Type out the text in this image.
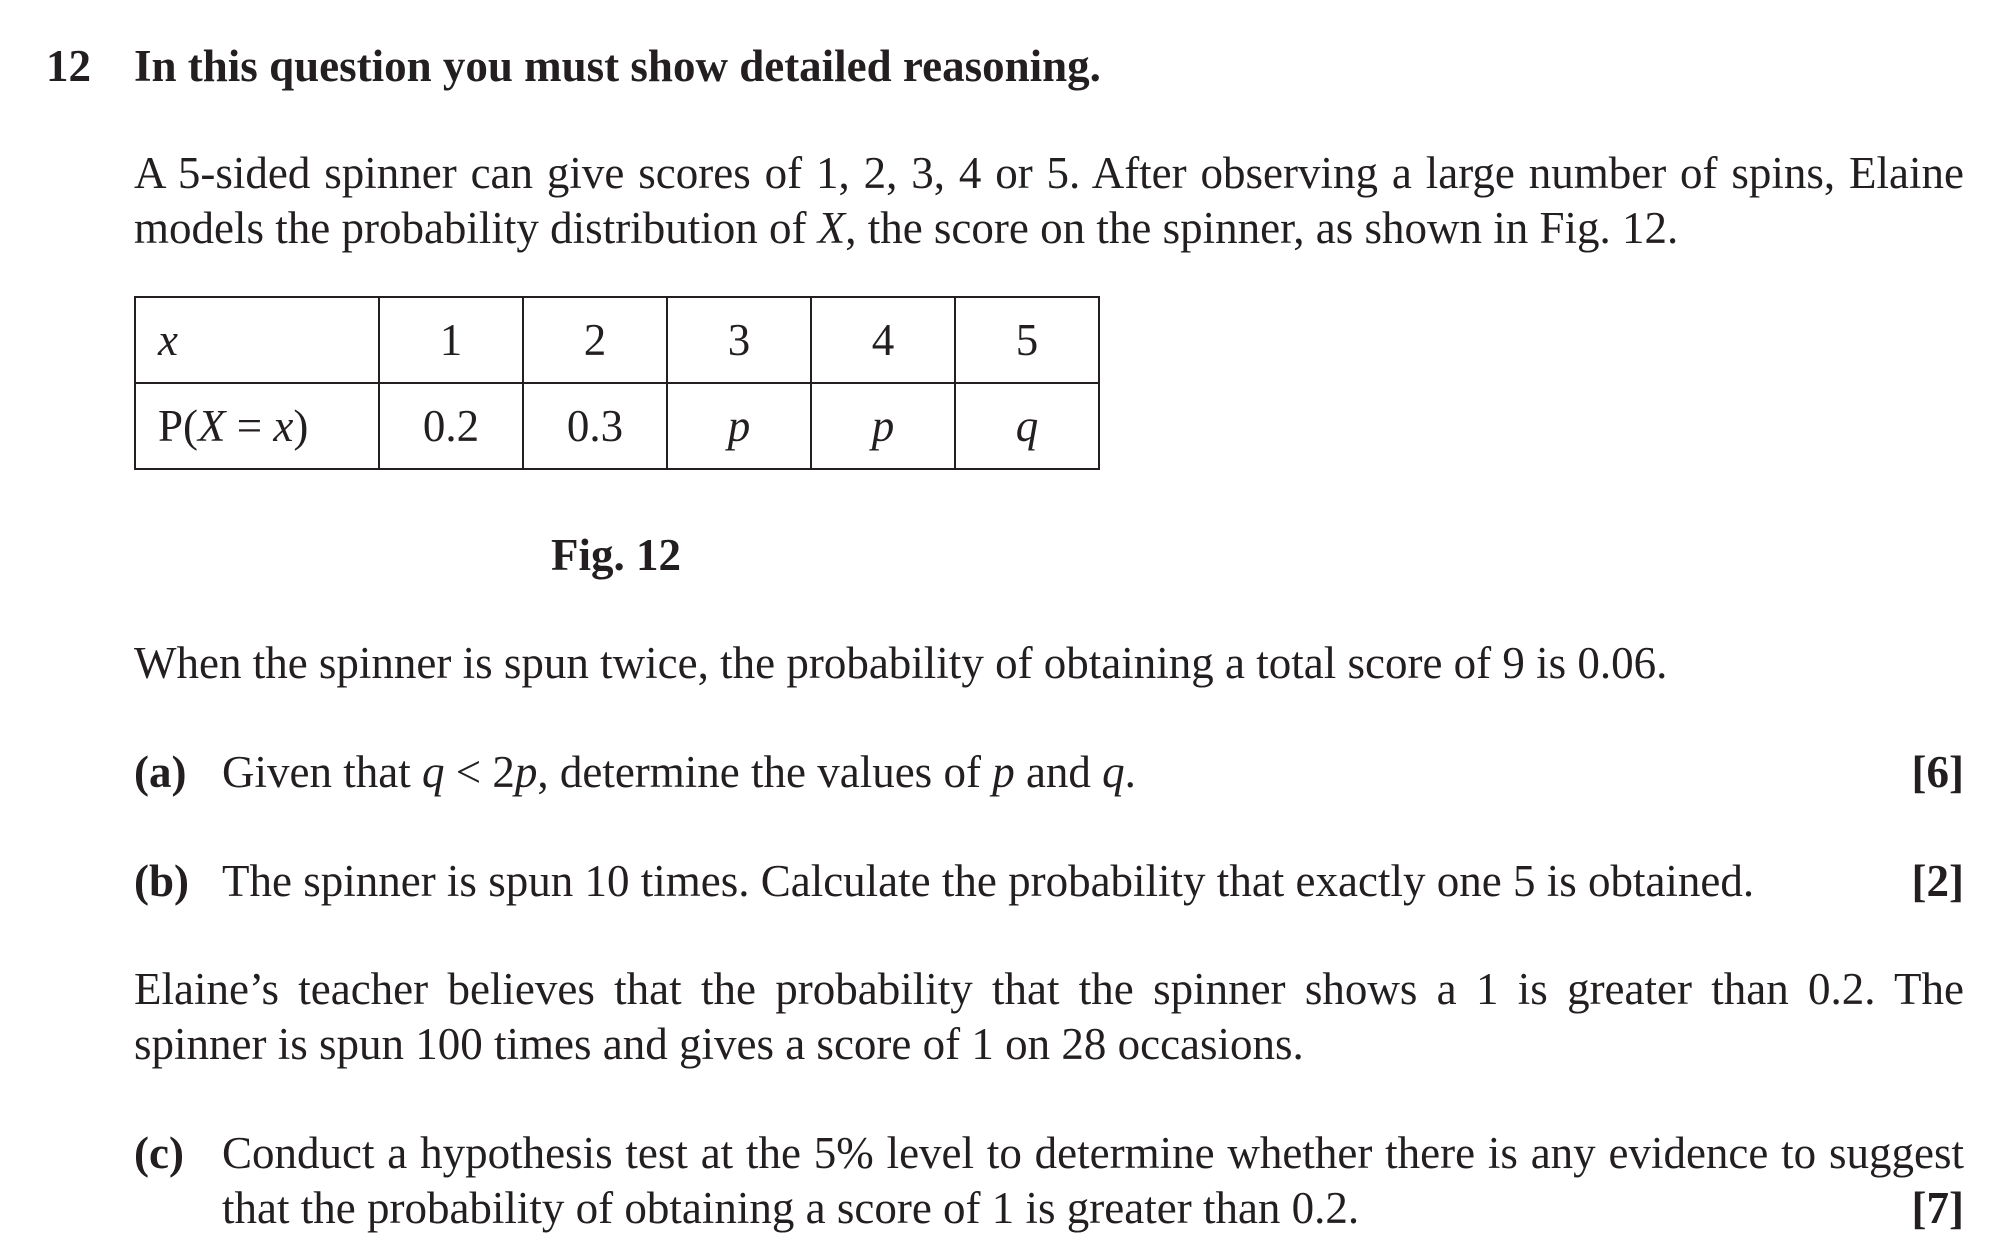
12 In this question you must show detailed reasoning.
A 5-sided spinner can give scores of 1, 2, 3, 4 or 5. After observing a large number of spins, Elaine
models the probability distribution of X, the score on the spinner, as shown in Fig. 12.
x	1	2	3	4	5
P(X = x)	0.2	0.3	p	p	q
Fig. 12
When the spinner is spun twice, the probability of obtaining a total score of 9 is 0.06.
(a) Given that q < 2p, determine the values of p and q.	[6]
(b) The spinner is spun 10 times. Calculate the probability that exactly one 5 is obtained.	[2]
Elaine’s teacher believes that the probability that the spinner shows a 1 is greater than 0.2. The
spinner is spun 100 times and gives a score of 1 on 28 occasions.
(c) Conduct a hypothesis test at the 5% level to determine whether there is any evidence to suggest
that the probability of obtaining a score of 1 is greater than 0.2.	[7]
